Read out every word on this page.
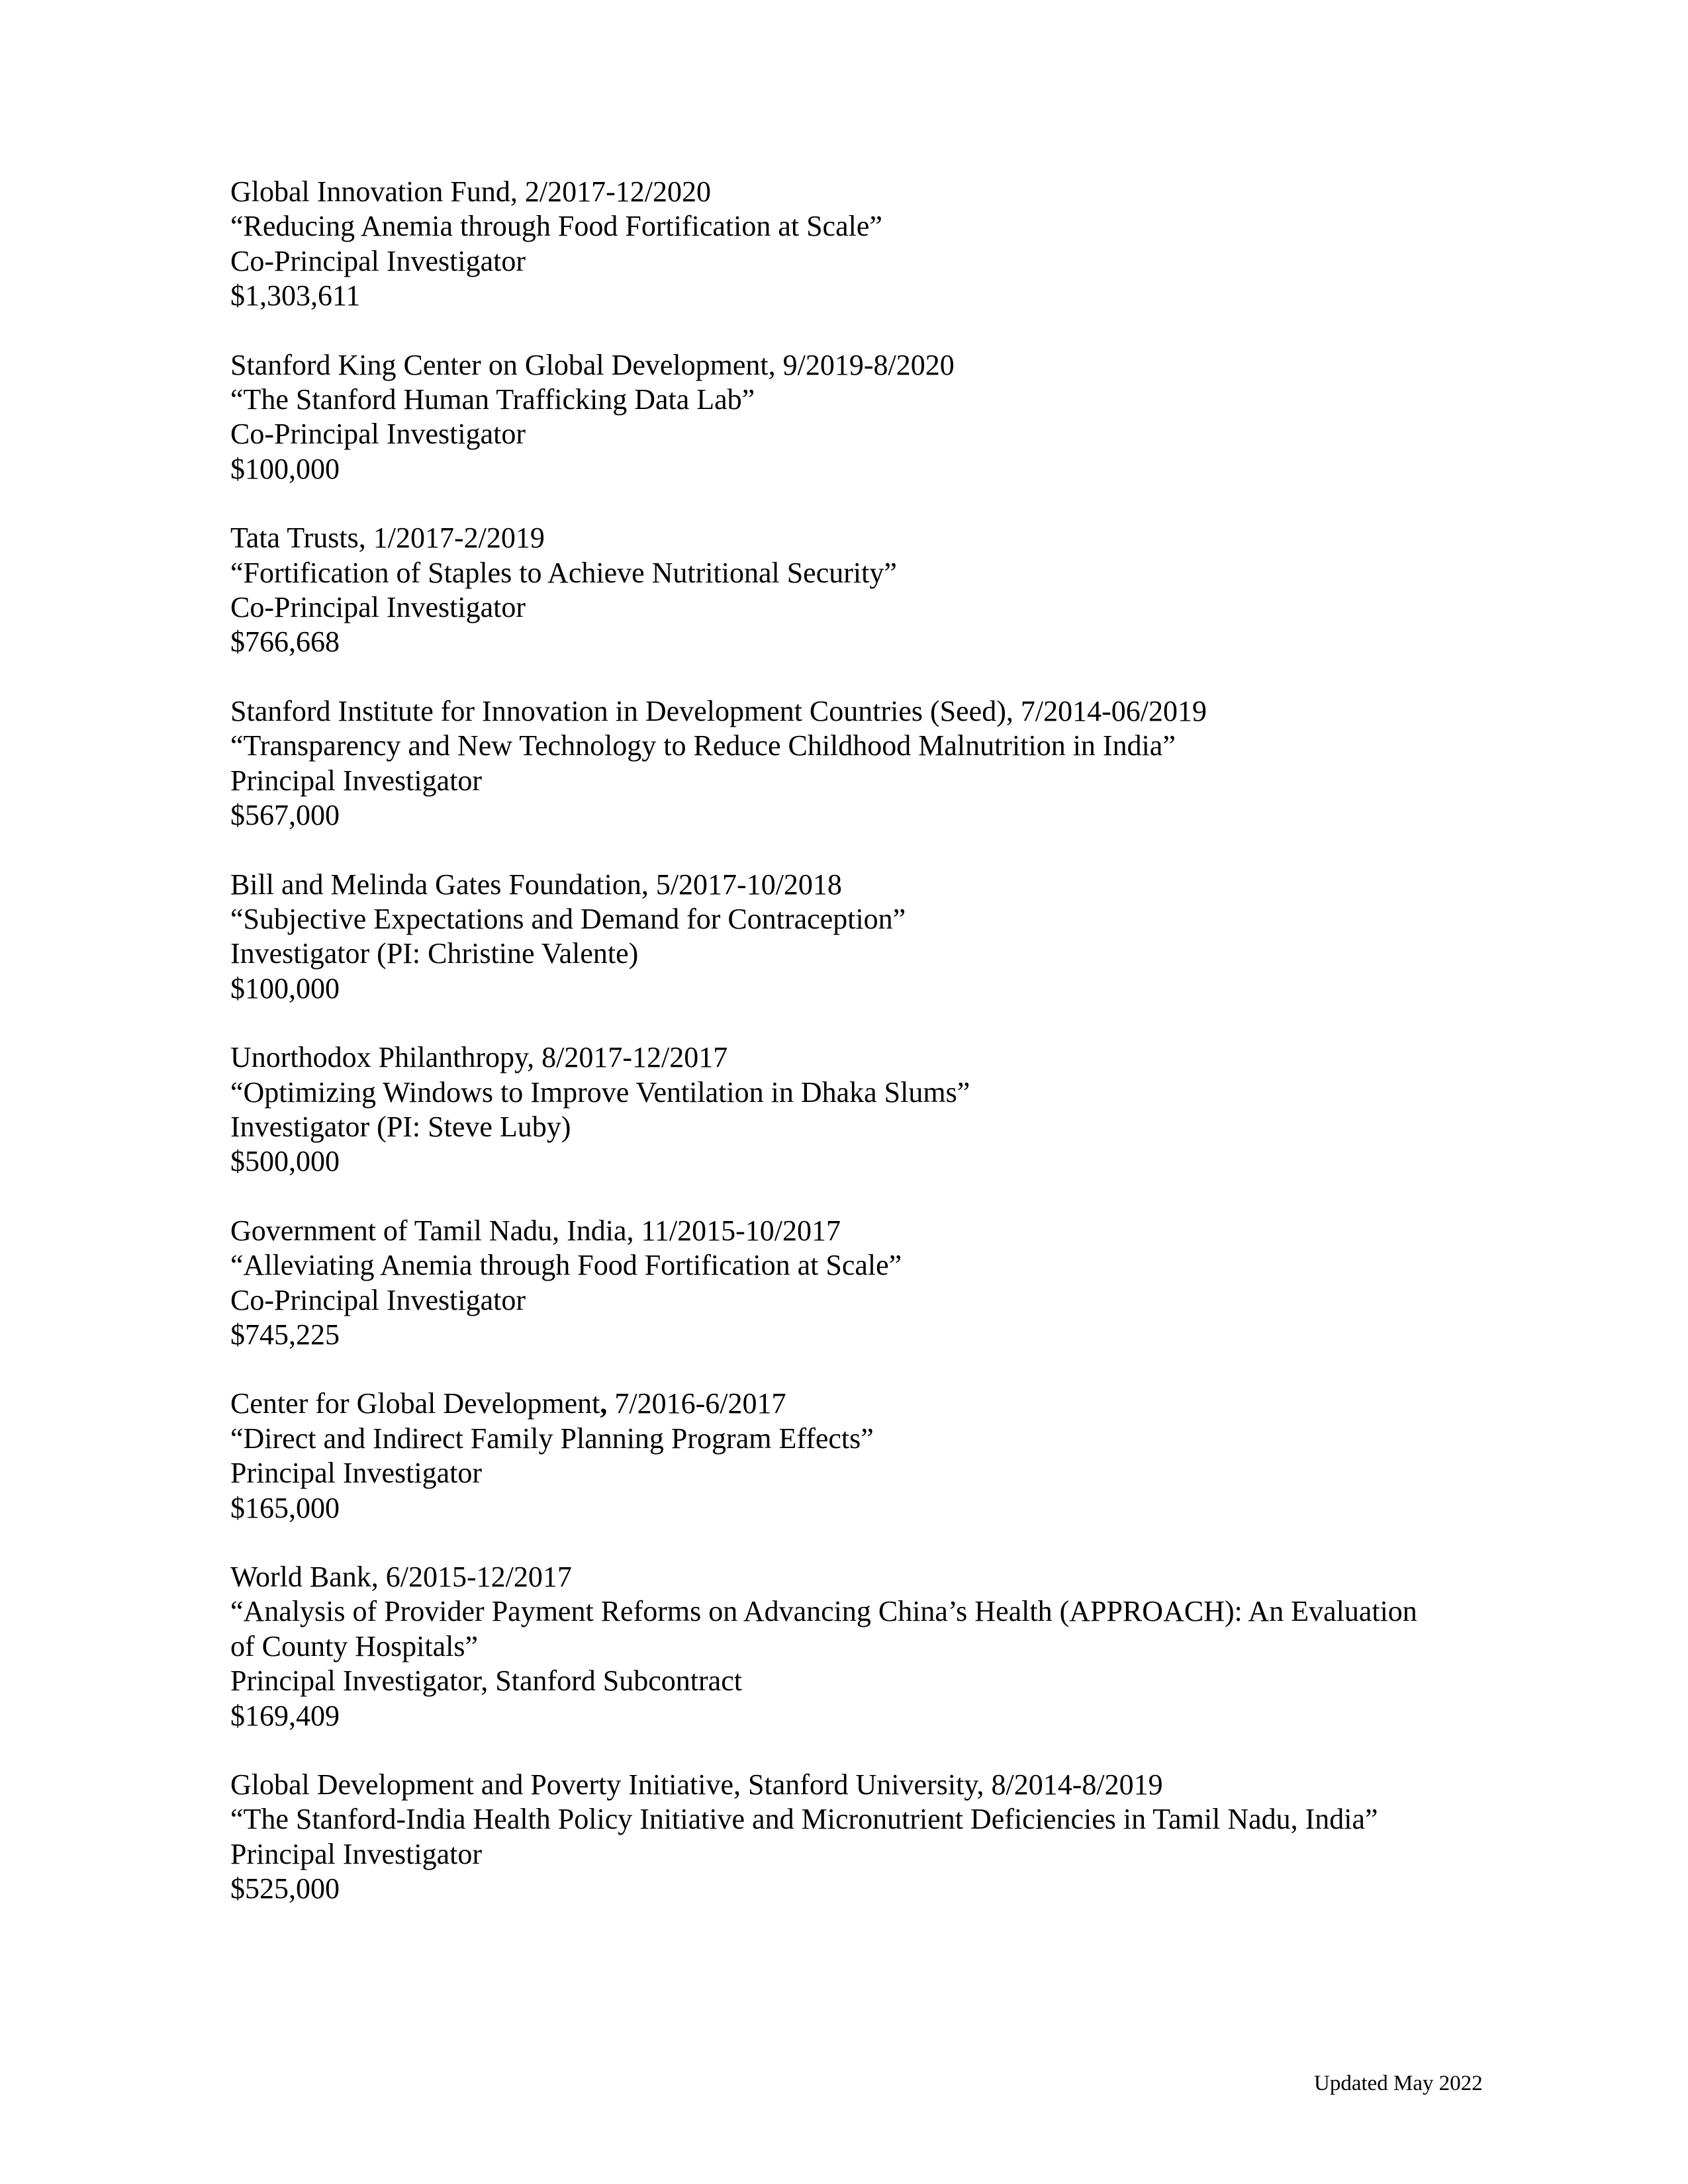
Global Innovation Fund, 2/2017-12/2020
“Reducing Anemia through Food Fortification at Scale”
Co-Principal Investigator
$1,303,611
Stanford King Center on Global Development, 9/2019-8/2020
“The Stanford Human Trafficking Data Lab”
Co-Principal Investigator
$100,000
Tata Trusts, 1/2017-2/2019
“Fortification of Staples to Achieve Nutritional Security”
Co-Principal Investigator
$766,668
Stanford Institute for Innovation in Development Countries (Seed), 7/2014-06/2019
“Transparency and New Technology to Reduce Childhood Malnutrition in India”
Principal Investigator
$567,000
Bill and Melinda Gates Foundation, 5/2017-10/2018
“Subjective Expectations and Demand for Contraception”
Investigator (PI: Christine Valente)
$100,000
Unorthodox Philanthropy, 8/2017-12/2017
“Optimizing Windows to Improve Ventilation in Dhaka Slums”
Investigator (PI: Steve Luby)
$500,000
Government of Tamil Nadu, India, 11/2015-10/2017
“Alleviating Anemia through Food Fortification at Scale”
Co-Principal Investigator
$745,225
Center for Global Development, 7/2016-6/2017
“Direct and Indirect Family Planning Program Effects”
Principal Investigator
$165,000
World Bank, 6/2015-12/2017
“Analysis of Provider Payment Reforms on Advancing China’s Health (APPROACH): An Evaluation
of County Hospitals”
Principal Investigator, Stanford Subcontract
$169,409
Global Development and Poverty Initiative, Stanford University, 8/2014-8/2019
“The Stanford-India Health Policy Initiative and Micronutrient Deficiencies in Tamil Nadu, India”
Principal Investigator
$525,000
Updated May 2022
